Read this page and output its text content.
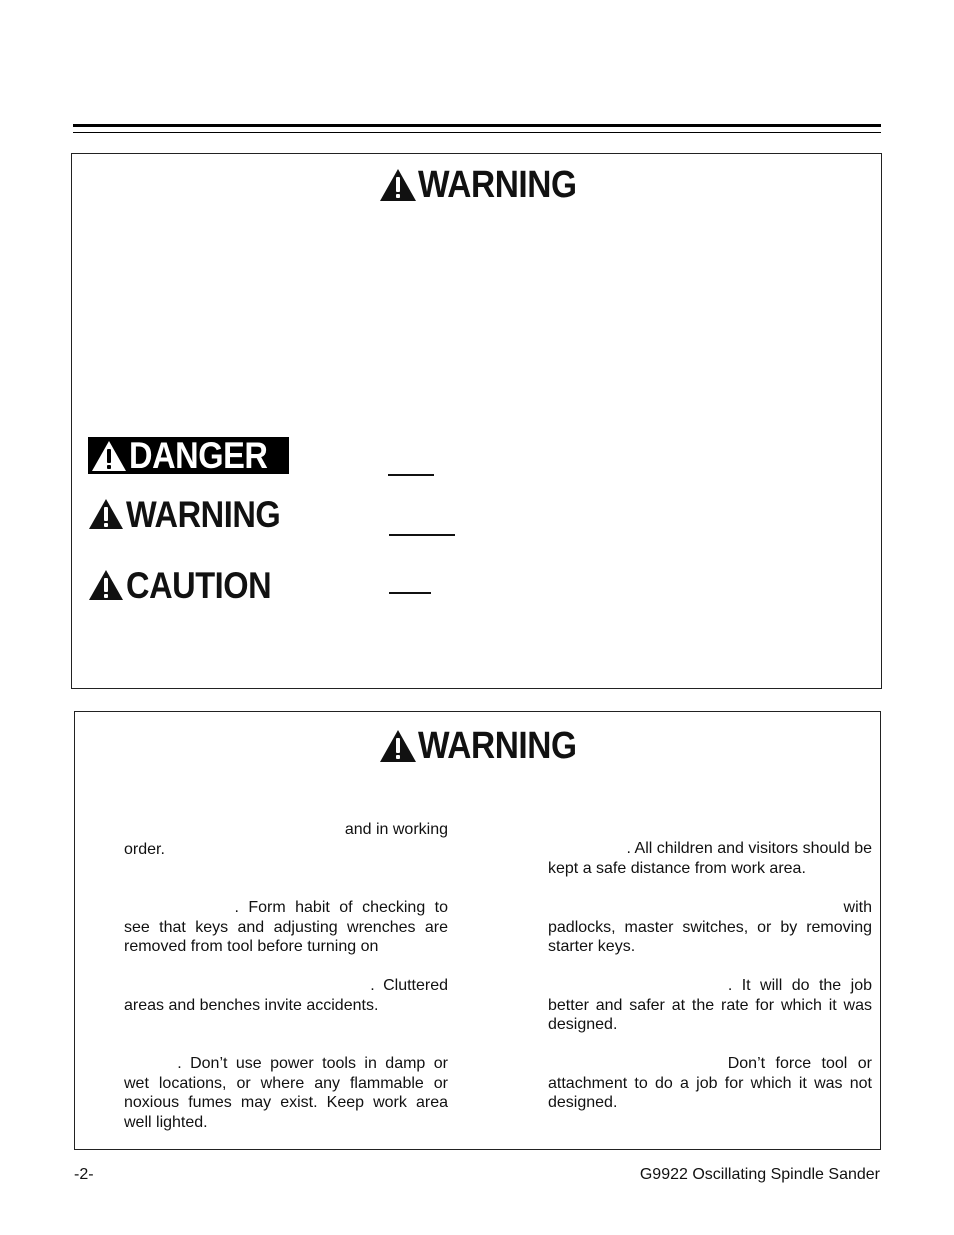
WARNING
DANGER
WARNING
CAUTION
WARNING
and in working
order.
. Form habit of checking to
see that keys and adjusting wrenches are
removed from tool before turning on
. Cluttered
areas and benches invite accidents.
. Don’t use power tools in damp or
wet locations, or where any flammable or
noxious fumes may exist. Keep work area
well lighted.
. All children and visitors should be
kept a safe distance from work area.
with
padlocks, master switches, or by removing
starter keys.
. It will do the job
better and safer at the rate for which it was
designed.
Don’t force tool or
attachment to do a job for which it was not
designed.
-2-	G9922 Oscillating Spindle Sander
